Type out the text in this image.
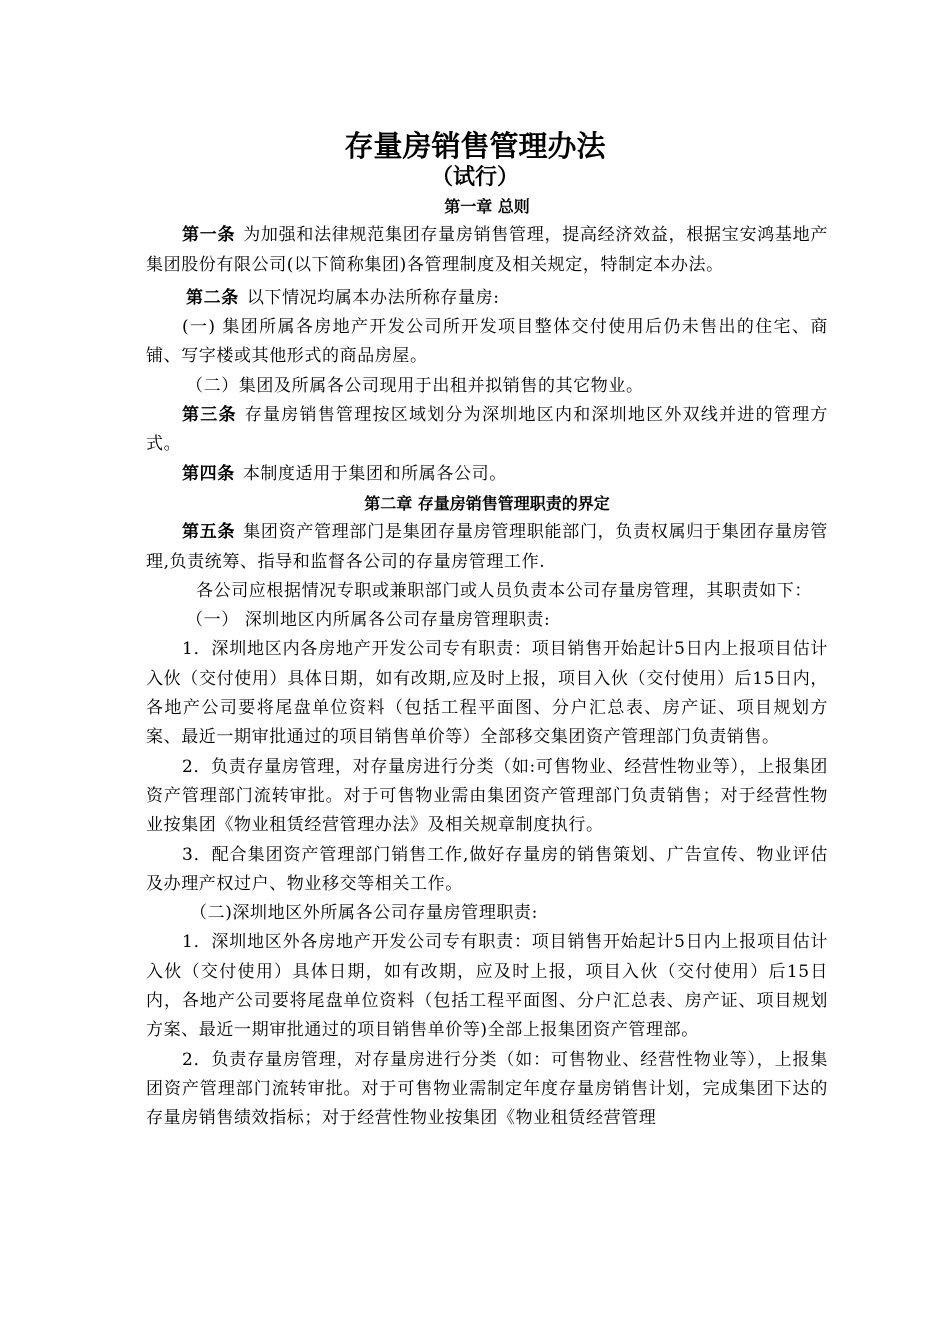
存量房销售管理办法
（试行）

第一章 总则

第一条 为加强和法律规范集团存量房销售管理，提高经济效益，根据宝安鸿基地产集团股份有限公司(以下简称集团)各管理制度及相关规定，特制定本办法。

第二条 以下情况均属本办法所称存量房:

(一) 集团所属各房地产开发公司所开发项目整体交付使用后仍未售出的住宅、商铺、写字楼或其他形式的商品房屋。

（二）集团及所属各公司现用于出租并拟销售的其它物业。

第三条 存量房销售管理按区域划分为深圳地区内和深圳地区外双线并进的管理方式。

第四条 本制度适用于集团和所属各公司。

第二章 存量房销售管理职责的界定

第五条 集团资产管理部门是集团存量房管理职能部门，负责权属归于集团存量房管理,负责统筹、指导和监督各公司的存量房管理工作.

各公司应根据情况专职或兼职部门或人员负责本公司存量房管理，其职责如下：

（一） 深圳地区内所属各公司存量房管理职责:

1．深圳地区内各房地产开发公司专有职责：项目销售开始起计5日内上报项目估计入伙（交付使用）具体日期，如有改期,应及时上报，项目入伙（交付使用）后15日内，各地产公司要将尾盘单位资料（包括工程平面图、分户汇总表、房产证、项目规划方案、最近一期审批通过的项目销售单价等）全部移交集团资产管理部门负责销售。

2．负责存量房管理，对存量房进行分类（如:可售物业、经营性物业等），上报集团资产管理部门流转审批。对于可售物业需由集团资产管理部门负责销售；对于经营性物业按集团《物业租赁经营管理办法》及相关规章制度执行。

3．配合集团资产管理部门销售工作,做好存量房的销售策划、广告宣传、物业评估及办理产权过户、物业移交等相关工作。

（二)深圳地区外所属各公司存量房管理职责:

1．深圳地区外各房地产开发公司专有职责：项目销售开始起计5日内上报项目估计入伙（交付使用）具体日期，如有改期，应及时上报，项目入伙（交付使用）后15日内，各地产公司要将尾盘单位资料（包括工程平面图、分户汇总表、房产证、项目规划方案、最近一期审批通过的项目销售单价等)全部上报集团资产管理部。

2．负责存量房管理，对存量房进行分类（如：可售物业、经营性物业等），上报集团资产管理部门流转审批。对于可售物业需制定年度存量房销售计划，完成集团下达的存量房销售绩效指标；对于经营性物业按集团《物业租赁经营管理
